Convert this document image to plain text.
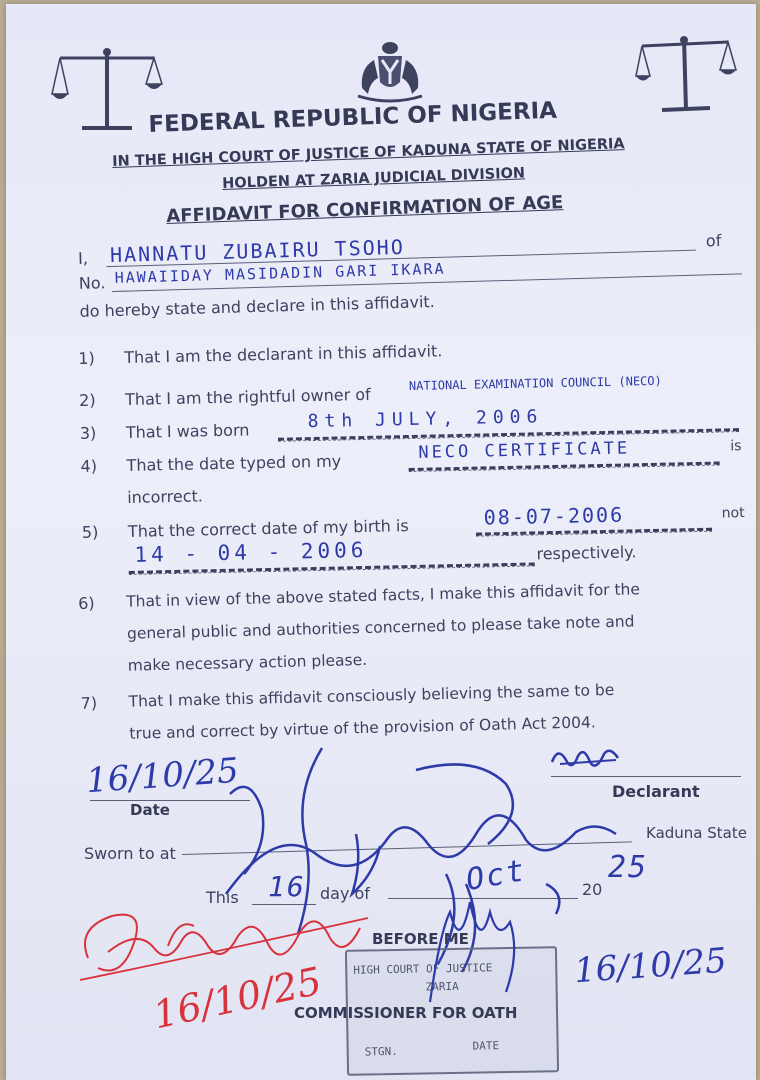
FEDERAL REPUBLIC OF NIGERIA
IN THE HIGH COURT OF JUSTICE OF KADUNA STATE OF NIGERIA
HOLDEN AT ZARIA JUDICIAL DIVISION
AFFIDAVIT FOR CONFIRMATION OF AGE
I, HANNATU ZUBAIRU TSOHO	of
No. HAWAIIDAY MASIDADIN GARI IKARA
do hereby state and declare in this affidavit.
1) That I am the declarant in this affidavit.
2) That I am the rightful owner of
NATIONAL EXAMINATION COUNCIL (NECO)
3) That I was born	8th JULY, 2006
4) That the date typed on my
NECO CERTIFICATE	is
incorrect.
5) That the correct date of my birth is	08-07-2006	not
14 - 04 - 2006	respectively.
6) That in view of the above stated facts, I make this affidavit for the
general public and authorities concerned to please take note and
make necessary action please.
7) That I make this affidavit consciously believing the same to be
true and correct by virtue of the provision of Oath Act 2004.
16/10/25
Date
Declarant
Sworn to at
Kaduna State
This 16 day of	Oct	20
25
HIGH COURT OF JUSTICE
ZARIA
STGN.	DATE
BEFORE ME
COMMISSIONER FOR OATH
16/10/25
16/10/25
